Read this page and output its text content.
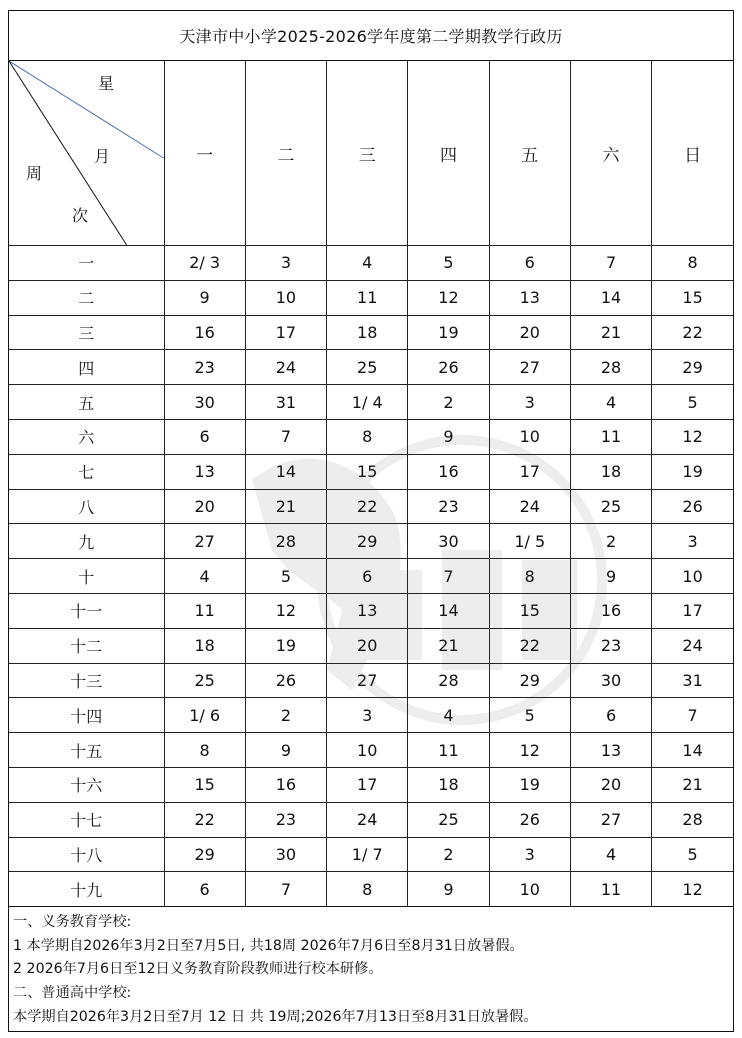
天津市中小学2025-2026学年度第二学期教学行政历
星
月
周
次	一	二	三	四	五	六	日
一	2/ 3	3	4	5	6	7	8
二	9	10	11	12	13	14	15
三	16	17	18	19	20	21	22
四	23	24	25	26	27	28	29
五	30	31	1/ 4	2	3	4	5
六	6	7	8	9	10	11	12
七	13	14	15	16	17	18	19
八	20	21	22	23	24	25	26
九	27	28	29	30	1/ 5	2	3
十	4	5	6	7	8	9	10
十一	11	12	13	14	15	16	17
十二	18	19	20	21	22	23	24
十三	25	26	27	28	29	30	31
十四	1/ 6	2	3	4	5	6	7
十五	8	9	10	11	12	13	14
十六	15	16	17	18	19	20	21
十七	22	23	24	25	26	27	28
十八	29	30	1/ 7	2	3	4	5
十九	6	7	8	9	10	11	12
一、义务教育学校:
1 本学期自2026年3月2日至7月5日, 共18周 2026年7月6日至8月31日放暑假。
2 2026年7月6日至12日义务教育阶段教师进行校本研修。
二、普通高中学校:
本学期自2026年3月2日至7月 12 日 共 19周;2026年7月13日至8月31日放暑假。
